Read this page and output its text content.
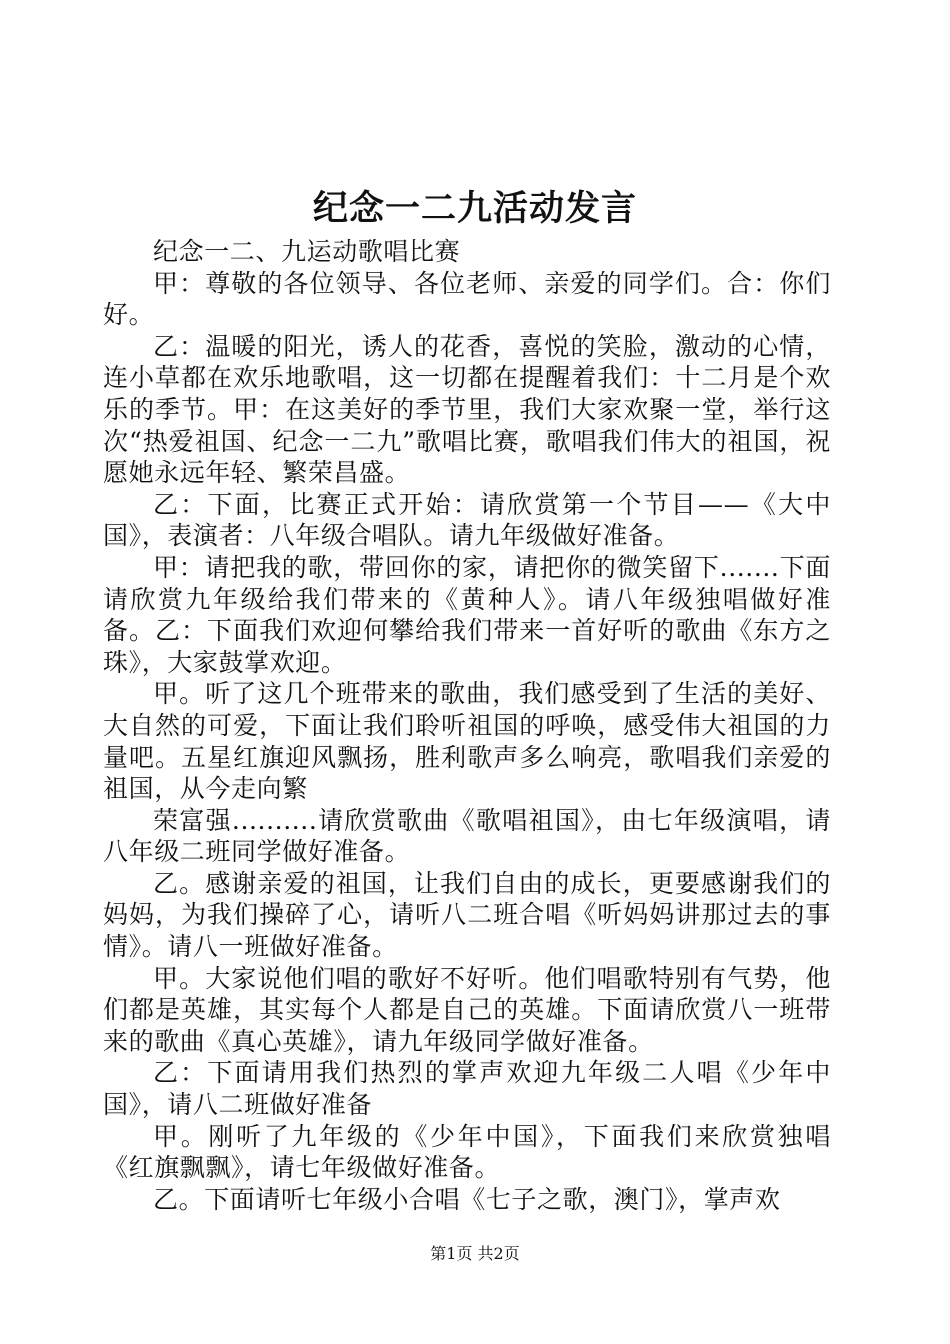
纪念一二九活动发言

纪念一二、九运动歌唱比赛

甲：尊敬的各位领导、各位老师、亲爱的同学们。合：你们好。

乙：温暖的阳光，诱人的花香，喜悦的笑脸，激动的心情，连小草都在欢乐地歌唱，这一切都在提醒着我们：十二月是个欢乐的季节。甲：在这美好的季节里，我们大家欢聚一堂，举行这次“热爱祖国、纪念一二九”歌唱比赛，歌唱我们伟大的祖国，祝愿她永远年轻、繁荣昌盛。

乙：下面，比赛正式开始：请欣赏第一个节目——《大中国》，表演者：八年级合唱队。请九年级做好准备。

甲：请把我的歌，带回你的家，请把你的微笑留下.......下面请欣赏九年级给我们带来的《黄种人》。请八年级独唱做好准备。乙：下面我们欢迎何攀给我们带来一首好听的歌曲《东方之珠》，大家鼓掌欢迎。

甲。听了这几个班带来的歌曲，我们感受到了生活的美好、大自然的可爱，下面让我们聆听祖国的呼唤，感受伟大祖国的力量吧。五星红旗迎风飘扬，胜利歌声多么响亮，歌唱我们亲爱的祖国，从今走向繁

荣富强..........请欣赏歌曲《歌唱祖国》，由七年级演唱，请八年级二班同学做好准备。

乙。感谢亲爱的祖国，让我们自由的成长，更要感谢我们的妈妈，为我们操碎了心，请听八二班合唱《听妈妈讲那过去的事情》。请八一班做好准备。

甲。大家说他们唱的歌好不好听。他们唱歌特别有气势，他们都是英雄，其实每个人都是自己的英雄。下面请欣赏八一班带来的歌曲《真心英雄》，请九年级同学做好准备。

乙：下面请用我们热烈的掌声欢迎九年级二人唱《少年中国》，请八二班做好准备

甲。刚听了九年级的《少年中国》，下面我们来欣赏独唱《红旗飘飘》，请七年级做好准备。

乙。下面请听七年级小合唱《七子之歌，澳门》，掌声欢

第1页 共2页
